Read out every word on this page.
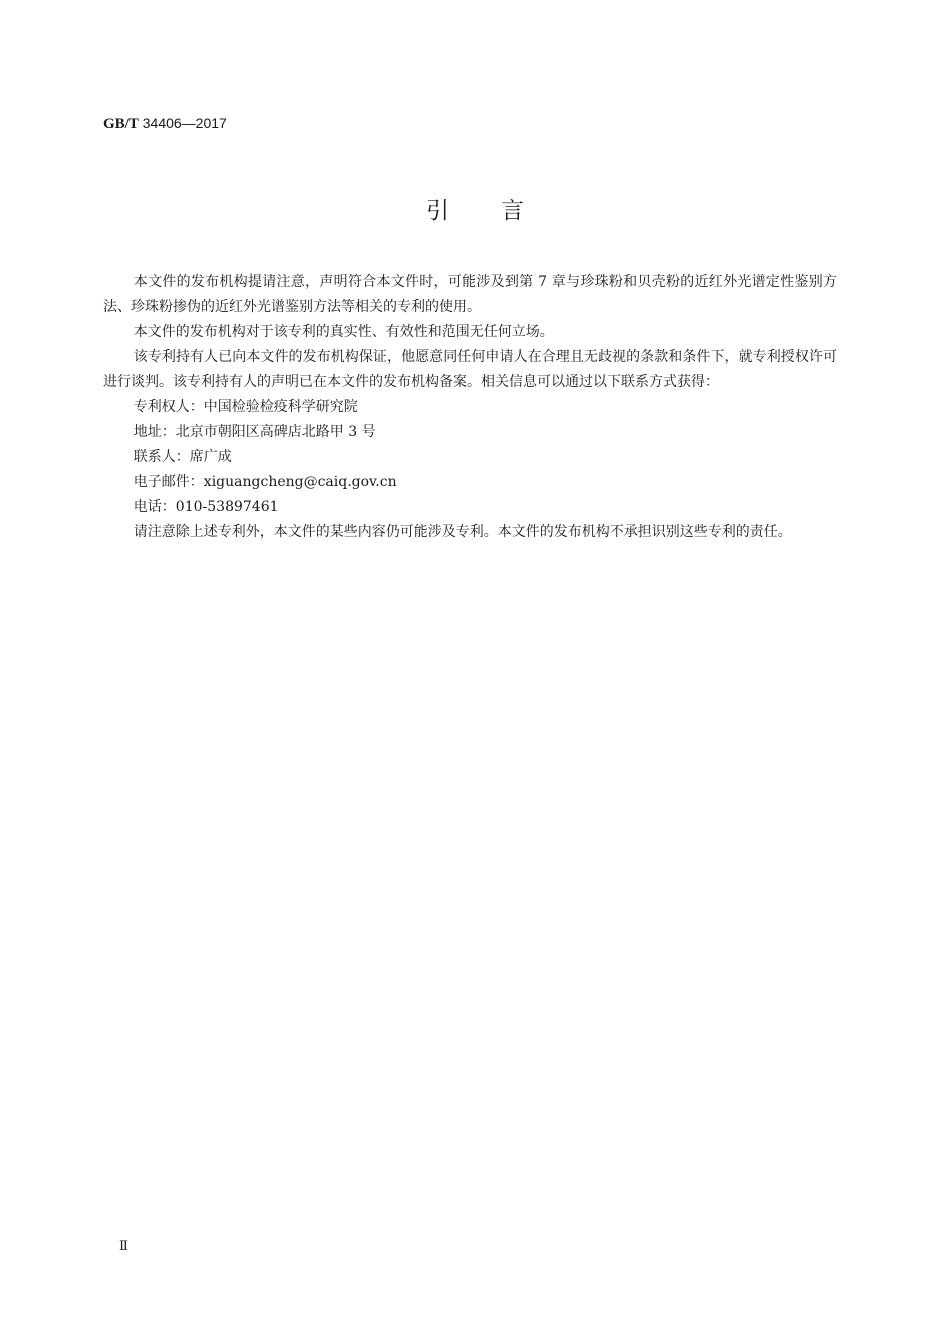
GB/T 34406—2017
引言

本文件的发布机构提请注意，声明符合本文件时，可能涉及到第 7 章与珍珠粉和贝壳粉的近红外光谱定性鉴别方法、珍珠粉掺伪的近红外光谱鉴别方法等相关的专利的使用。

本文件的发布机构对于该专利的真实性、有效性和范围无任何立场。

该专利持有人已向本文件的发布机构保证，他愿意同任何申请人在合理且无歧视的条款和条件下，就专利授权许可进行谈判。该专利持有人的声明已在本文件的发布机构备案。相关信息可以通过以下联系方式获得：

专利权人：中国检验检疫科学研究院

地址：北京市朝阳区高碑店北路甲 3 号

联系人：席广成

电子邮件：xiguangcheng@caiq.gov.cn

电话：010-53897461

请注意除上述专利外，本文件的某些内容仍可能涉及专利。本文件的发布机构不承担识别这些专利的责任。

Ⅱ
